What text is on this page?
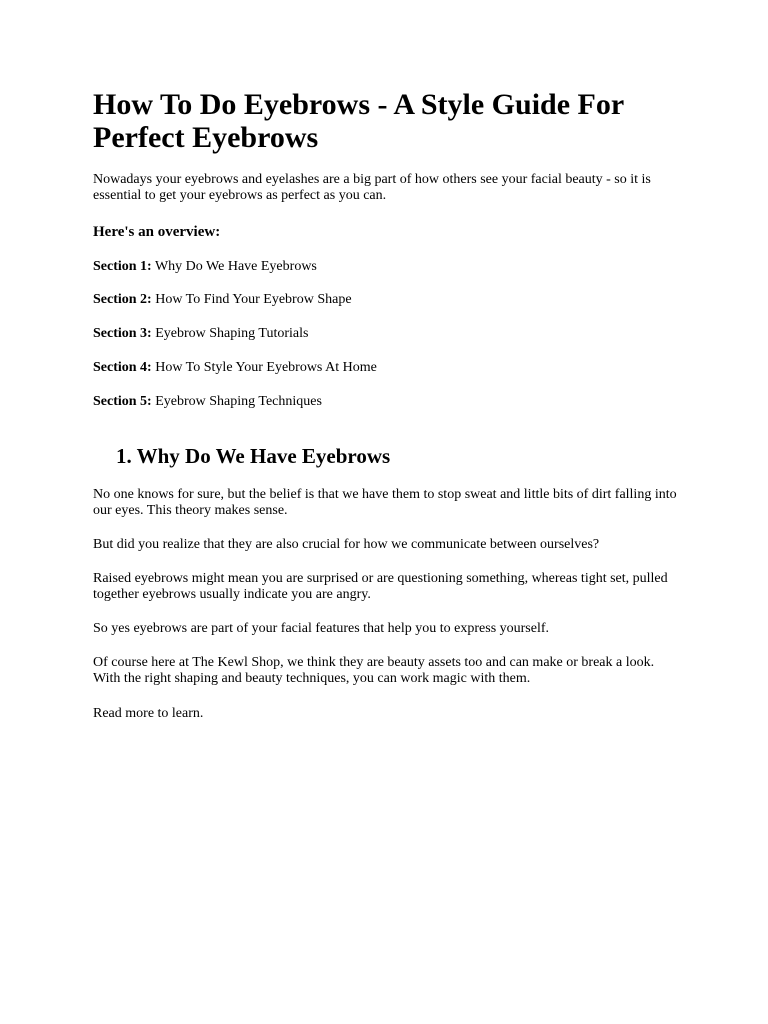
How To Do Eyebrows - A Style Guide For Perfect Eyebrows

Nowadays your eyebrows and eyelashes are a big part of how others see your facial beauty - so it is essential to get your eyebrows as perfect as you can.

Here's an overview:

Section 1: Why Do We Have Eyebrows

Section 2: How To Find Your Eyebrow Shape

Section 3: Eyebrow Shaping Tutorials

Section 4: How To Style Your Eyebrows At Home

Section 5: Eyebrow Shaping Techniques

1. Why Do We Have Eyebrows

No one knows for sure, but the belief is that we have them to stop sweat and little bits of dirt falling into our eyes. This theory makes sense.

But did you realize that they are also crucial for how we communicate between ourselves?

Raised eyebrows might mean you are surprised or are questioning something, whereas tight set, pulled together eyebrows usually indicate you are angry.

So yes eyebrows are part of your facial features that help you to express yourself.

Of course here at The Kewl Shop, we think they are beauty assets too and can make or break a look. With the right shaping and beauty techniques, you can work magic with them.

Read more to learn.
